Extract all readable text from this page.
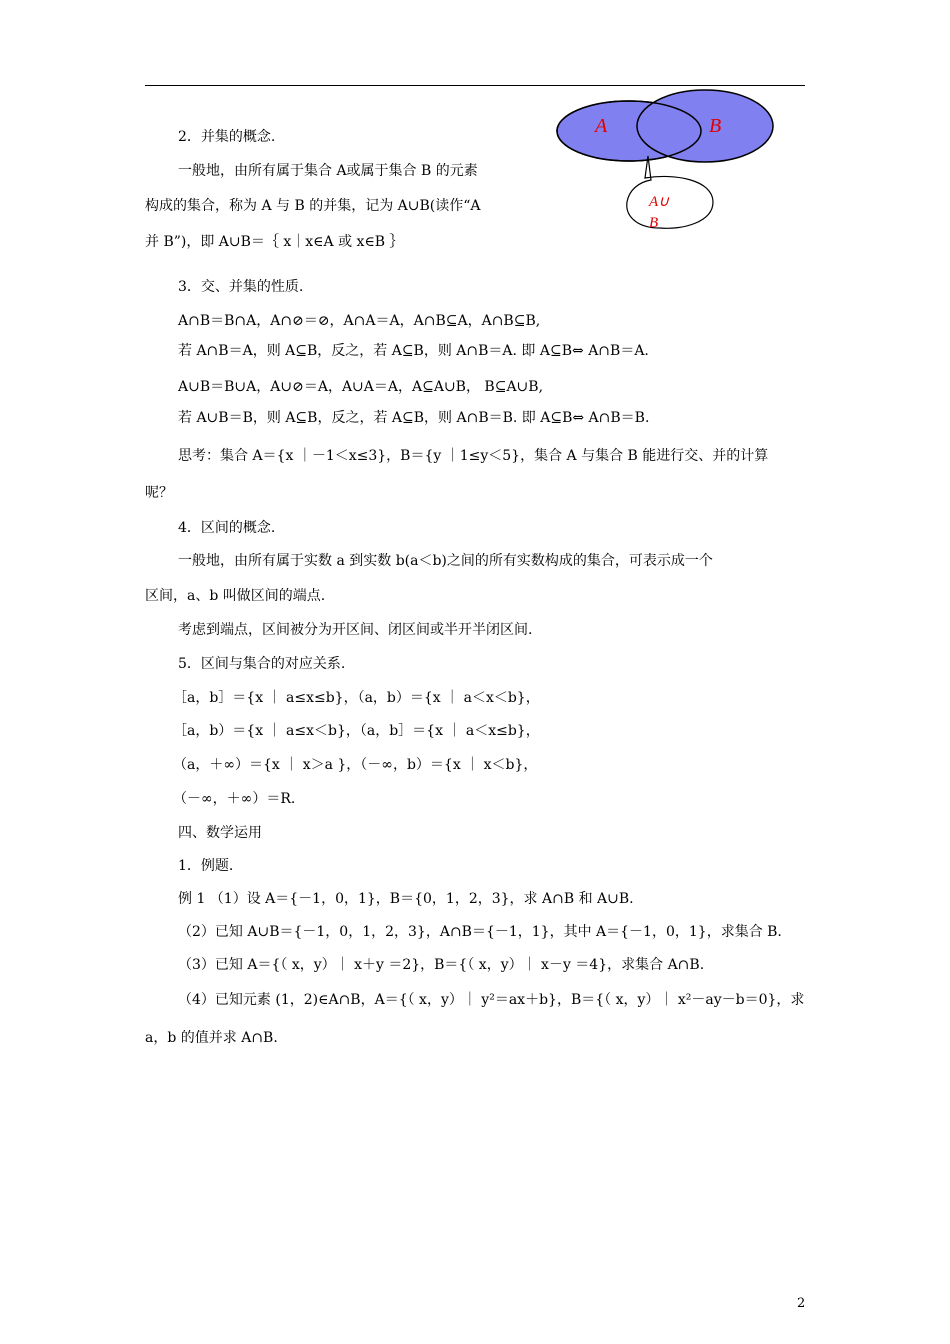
A	B
A∪
B
2．并集的概念.
一般地，由所有属于集合 A或属于集合 B 的元素
构成的集合，称为 A 与 B 的并集，记为 A∪B(读作“A
并 B”)，即 A∪B＝｛ x｜x∈A 或 x∈B ｝
3．交、并集的性质.
A∩B＝B∩A，A∩⊘＝⊘，A∩A＝A，A∩B⊆A，A∩B⊆B,
若 A∩B＝A，则 A⊆B，反之，若 A⊆B，则 A∩B＝A. 即 A⊆B⇔ A∩B＝A.
A∪B＝B∪A，A∪⊘＝A，A∪A＝A，A⊆A∪B， B⊆A∪B,
若 A∪B＝B，则 A⊆B，反之，若 A⊆B，则 A∩B＝B. 即 A⊆B⇔ A∩B＝B.
思考：集合 A＝{x ｜－1＜x≤3}，B＝{y ｜1≤y＜5}，集合 A 与集合 B 能进行交、并的计算
呢？
4．区间的概念.
一般地，由所有属于实数 a 到实数 b(a＜b)之间的所有实数构成的集合，可表示成一个
区间，a、b 叫做区间的端点.
考虑到端点，区间被分为开区间、闭区间或半开半闭区间.
5．区间与集合的对应关系.
［a，b］＝{x ｜ a≤x≤b}，（a，b）＝{x ｜ a＜x＜b}，
［a，b）＝{x ｜ a≤x＜b}，（a，b］＝{x ｜ a＜x≤b}，
（a，＋∞）＝{x ｜ x＞a }，（－∞，b）＝{x ｜ x＜b}，
（－∞，＋∞）＝R.
四、数学运用
1．例题.
例 1 （1）设 A＝{－1，0，1}，B＝{0，1，2，3}，求 A∩B 和 A∪B.
（2）已知 A∪B＝{－1，0，1，2，3}，A∩B＝{－1，1}，其中 A＝{－1，0，1}，求集合 B.
（3）已知 A＝{（ x，y）｜ x＋y ＝2}，B＝{（ x，y）｜ x－y ＝4}，求集合 A∩B.
（4）已知元素 (1，2)∈A∩B，A＝{（ x，y）｜ y²＝ax＋b}，B＝{（ x，y）｜ x²－ay－b＝0}，求
a，b 的值并求 A∩B.
2
